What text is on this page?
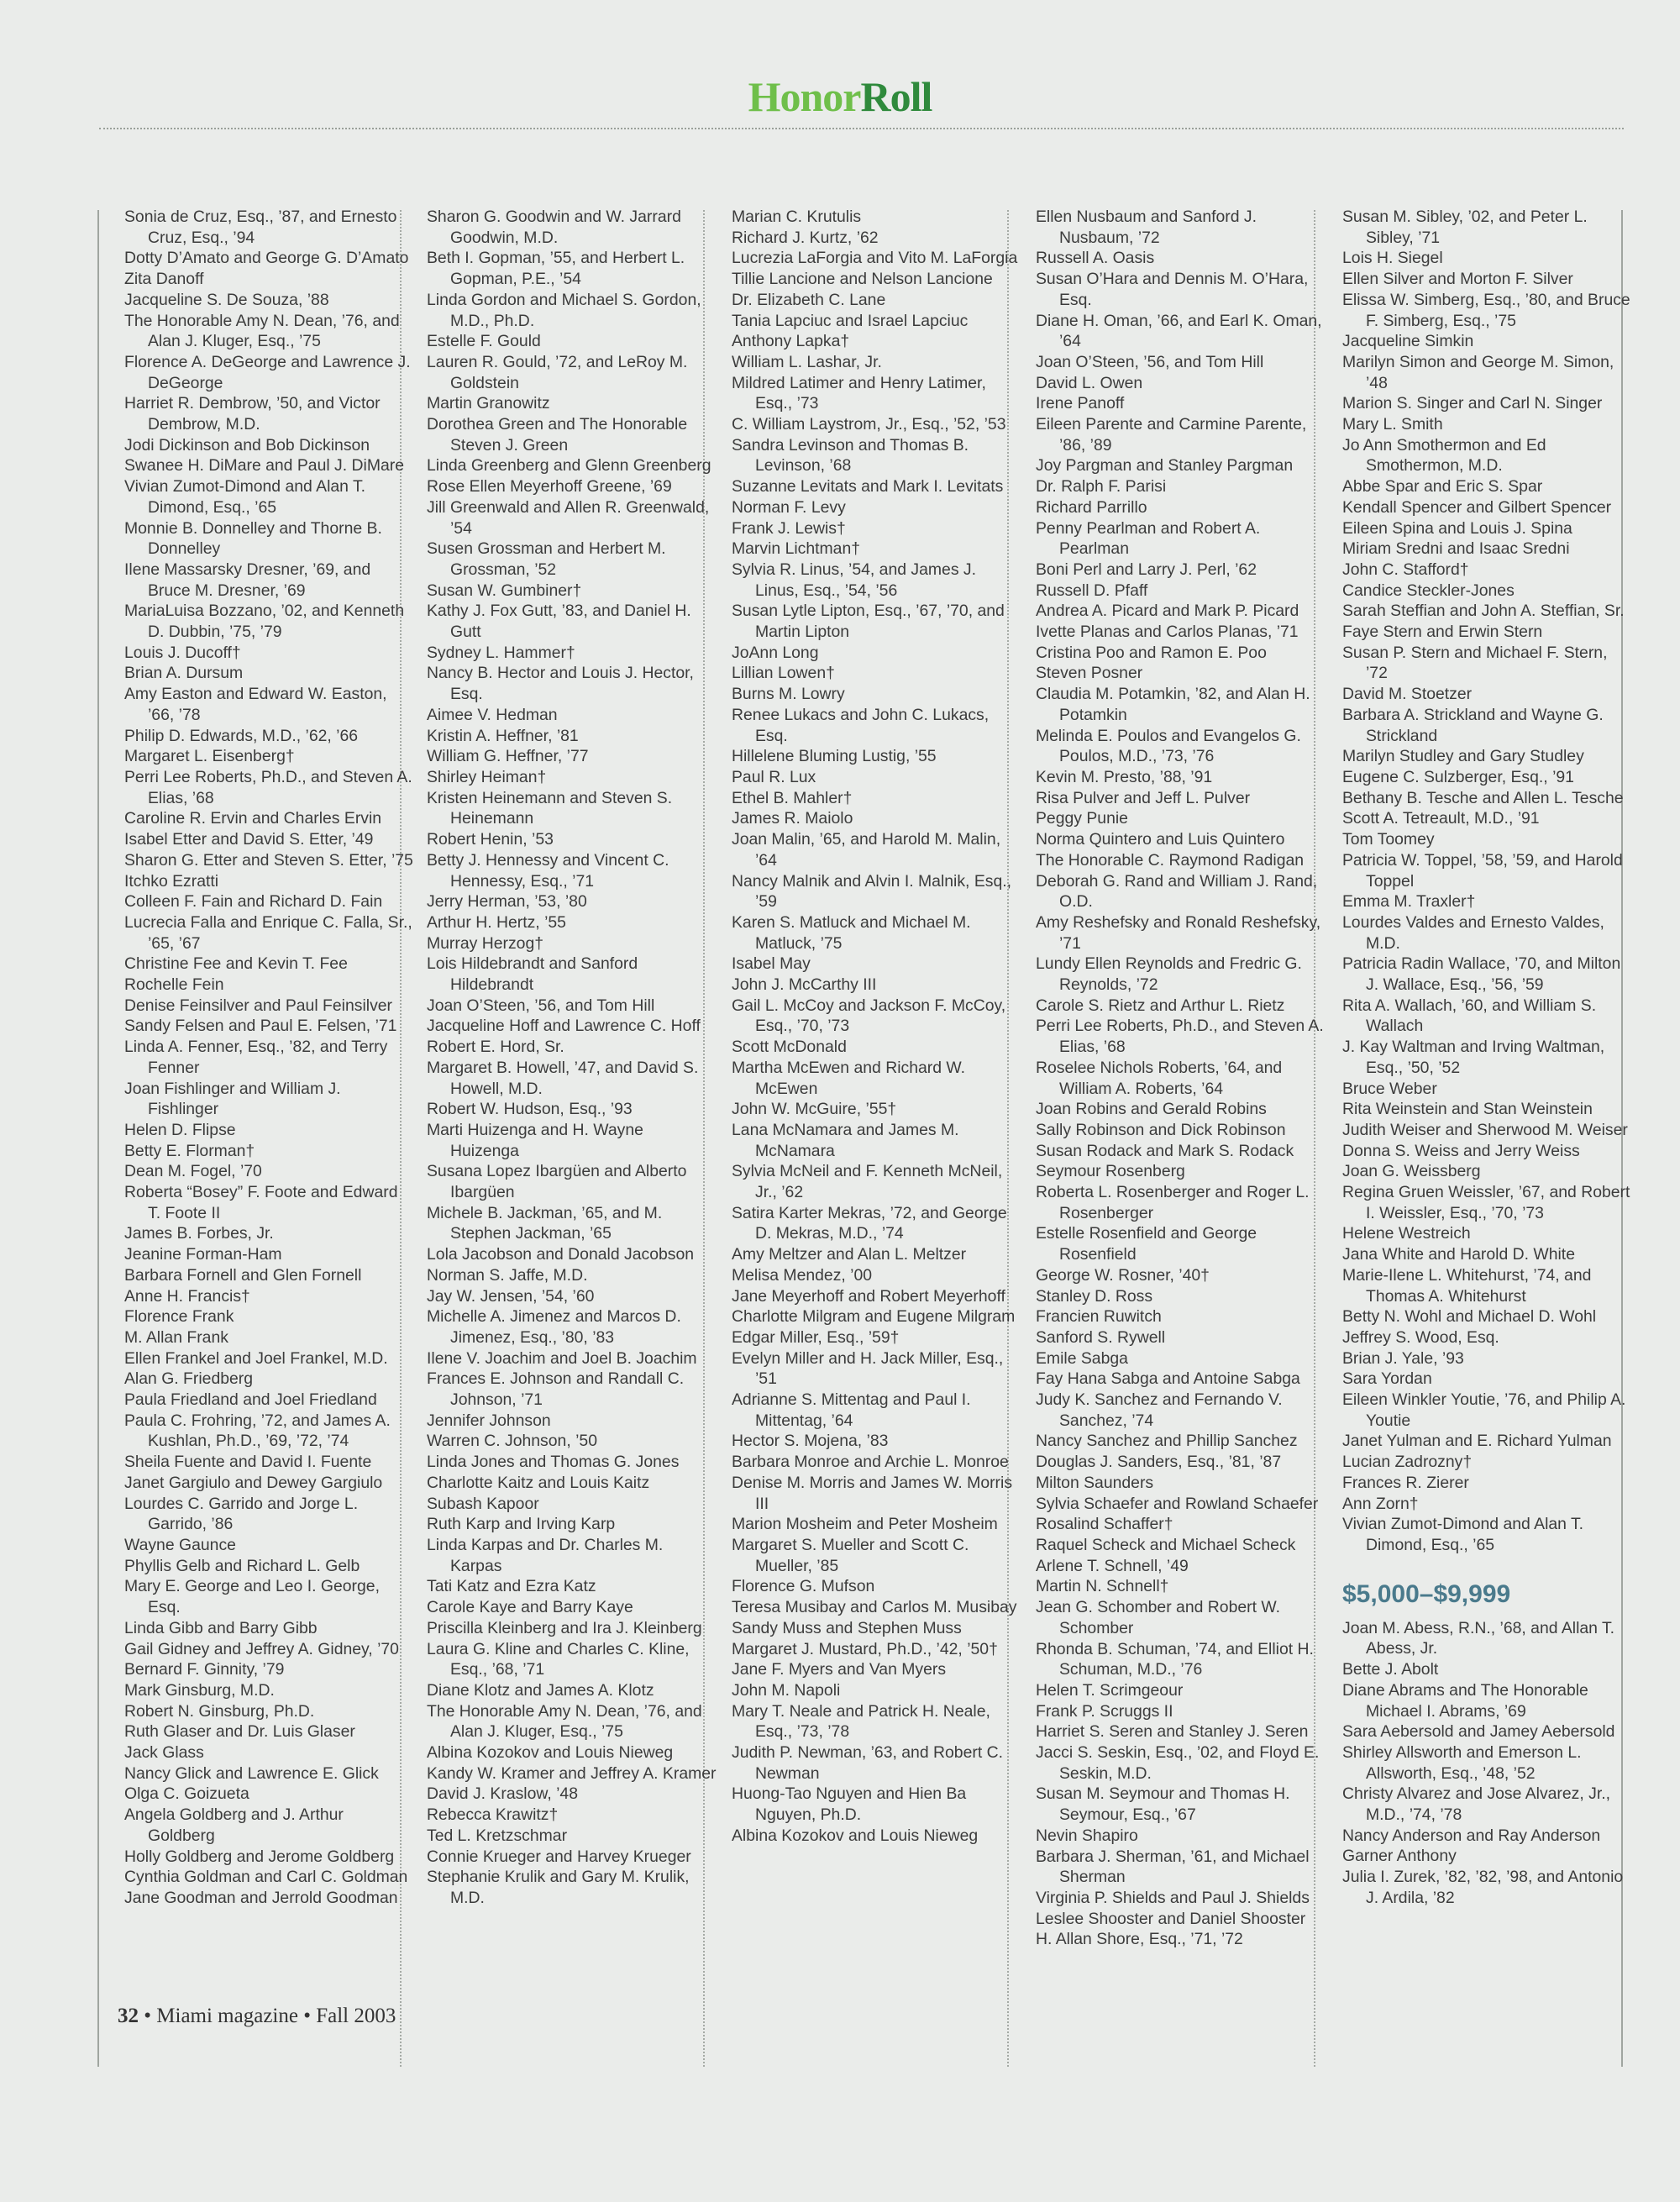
HonorRoll

Sonia de Cruz, Esq., ’87, and Ernesto Cruz, Esq., ’94

Dotty D’Amato and George G. D’Amato

Zita Danoff

Jacqueline S. De Souza, ’88

The Honorable Amy N. Dean, ’76, and Alan J. Kluger, Esq., ’75

Florence A. DeGeorge and Lawrence J. DeGeorge

Harriet R. Dembrow, ’50, and Victor Dembrow, M.D.

Jodi Dickinson and Bob Dickinson

Swanee H. DiMare and Paul J. DiMare

Vivian Zumot-Dimond and Alan T. Dimond, Esq., ’65

Monnie B. Donnelley and Thorne B. Donnelley

Ilene Massarsky Dresner, ’69, and Bruce M. Dresner, ’69

MariaLuisa Bozzano, ’02, and Kenneth D. Dubbin, ’75, ’79

Louis J. Ducoff†

Brian A. Dursum

Amy Easton and Edward W. Easton, ’66, ’78

Philip D. Edwards, M.D., ’62, ’66

Margaret L. Eisenberg†

Perri Lee Roberts, Ph.D., and Steven A. Elias, ’68

Caroline R. Ervin and Charles Ervin

Isabel Etter and David S. Etter, ’49

Sharon G. Etter and Steven S. Etter, ’75

Itchko Ezratti

Colleen F. Fain and Richard D. Fain

Lucrecia Falla and Enrique C. Falla, Sr., ’65, ’67

Christine Fee and Kevin T. Fee

Rochelle Fein

Denise Feinsilver and Paul Feinsilver

Sandy Felsen and Paul E. Felsen, ’71

Linda A. Fenner, Esq., ’82, and Terry Fenner

Joan Fishlinger and William J. Fishlinger

Helen D. Flipse

Betty E. Florman†

Dean M. Fogel, ’70

Roberta “Bosey” F. Foote and Edward T. Foote II

James B. Forbes, Jr.

Jeanine Forman-Ham

Barbara Fornell and Glen Fornell

Anne H. Francis†

Florence Frank

M. Allan Frank

Ellen Frankel and Joel Frankel, M.D.

Alan G. Friedberg

Paula Friedland and Joel Friedland

Paula C. Frohring, ’72, and James A. Kushlan, Ph.D., ’69, ’72, ’74

Sheila Fuente and David I. Fuente

Janet Gargiulo and Dewey Gargiulo

Lourdes C. Garrido and Jorge L. Garrido, ’86

Wayne Gaunce

Phyllis Gelb and Richard L. Gelb

Mary E. George and Leo I. George, Esq.

Linda Gibb and Barry Gibb

Gail Gidney and Jeffrey A. Gidney, ’70

Bernard F. Ginnity, ’79

Mark Ginsburg, M.D.

Robert N. Ginsburg, Ph.D.

Ruth Glaser and Dr. Luis Glaser

Jack Glass

Nancy Glick and Lawrence E. Glick

Olga C. Goizueta

Angela Goldberg and J. Arthur Goldberg

Holly Goldberg and Jerome Goldberg

Cynthia Goldman and Carl C. Goldman

Jane Goodman and Jerrold Goodman

Sharon G. Goodwin and W. Jarrard Goodwin, M.D.

Beth I. Gopman, ’55, and Herbert L. Gopman, P.E., ’54

Linda Gordon and Michael S. Gordon, M.D., Ph.D.

Estelle F. Gould

Lauren R. Gould, ’72, and LeRoy M. Goldstein

Martin Granowitz

Dorothea Green and The Honorable Steven J. Green

Linda Greenberg and Glenn Greenberg

Rose Ellen Meyerhoff Greene, ’69

Jill Greenwald and Allen R. Greenwald, ’54

Susen Grossman and Herbert M. Grossman, ’52

Susan W. Gumbiner†

Kathy J. Fox Gutt, ’83, and Daniel H. Gutt

Sydney L. Hammer†

Nancy B. Hector and Louis J. Hector, Esq.

Aimee V. Hedman

Kristin A. Heffner, ’81

William G. Heffner, ’77

Shirley Heiman†

Kristen Heinemann and Steven S. Heinemann

Robert Henin, ’53

Betty J. Hennessy and Vincent C. Hennessy, Esq., ’71

Jerry Herman, ’53, ’80

Arthur H. Hertz, ’55

Murray Herzog†

Lois Hildebrandt and Sanford Hildebrandt

Joan O’Steen, ’56, and Tom Hill

Jacqueline Hoff and Lawrence C. Hoff

Robert E. Hord, Sr.

Margaret B. Howell, ’47, and David S. Howell, M.D.

Robert W. Hudson, Esq., ’93

Marti Huizenga and H. Wayne Huizenga

Susana Lopez Ibargüen and Alberto Ibargüen

Michele B. Jackman, ’65, and M. Stephen Jackman, ’65

Lola Jacobson and Donald Jacobson

Norman S. Jaffe, M.D.

Jay W. Jensen, ’54, ’60

Michelle A. Jimenez and Marcos D. Jimenez, Esq., ’80, ’83

Ilene V. Joachim and Joel B. Joachim

Frances E. Johnson and Randall C. Johnson, ’71

Jennifer Johnson

Warren C. Johnson, ’50

Linda Jones and Thomas G. Jones

Charlotte Kaitz and Louis Kaitz

Subash Kapoor

Ruth Karp and Irving Karp

Linda Karpas and Dr. Charles M. Karpas

Tati Katz and Ezra Katz

Carole Kaye and Barry Kaye

Priscilla Kleinberg and Ira J. Kleinberg

Laura G. Kline and Charles C. Kline, Esq., ’68, ’71

Diane Klotz and James A. Klotz

The Honorable Amy N. Dean, ’76, and Alan J. Kluger, Esq., ’75

Albina Kozokov and Louis Nieweg

Kandy W. Kramer and Jeffrey A. Kramer

David J. Kraslow, ’48

Rebecca Krawitz†

Ted L. Kretzschmar

Connie Krueger and Harvey Krueger

Stephanie Krulik and Gary M. Krulik, M.D.

Marian C. Krutulis

Richard J. Kurtz, ’62

Lucrezia LaForgia and Vito M. LaForgia

Tillie Lancione and Nelson Lancione

Dr. Elizabeth C. Lane

Tania Lapciuc and Israel Lapciuc

Anthony Lapka†

William L. Lashar, Jr.

Mildred Latimer and Henry Latimer, Esq., ’73

C. William Laystrom, Jr., Esq., ’52, ’53

Sandra Levinson and Thomas B. Levinson, ’68

Suzanne Levitats and Mark I. Levitats

Norman F. Levy

Frank J. Lewis†

Marvin Lichtman†

Sylvia R. Linus, ’54, and James J. Linus, Esq., ’54, ’56

Susan Lytle Lipton, Esq., ’67, ’70, and Martin Lipton

JoAnn Long

Lillian Lowen†

Burns M. Lowry

Renee Lukacs and John C. Lukacs, Esq.

Hillelene Bluming Lustig, ’55

Paul R. Lux

Ethel B. Mahler†

James R. Maiolo

Joan Malin, ’65, and Harold M. Malin, ’64

Nancy Malnik and Alvin I. Malnik, Esq., ’59

Karen S. Matluck and Michael M. Matluck, ’75

Isabel May

John J. McCarthy III

Gail L. McCoy and Jackson F. McCoy, Esq., ’70, ’73

Scott McDonald

Martha McEwen and Richard W. McEwen

John W. McGuire, ’55†

Lana McNamara and James M. McNamara

Sylvia McNeil and F. Kenneth McNeil, Jr., ’62

Satira Karter Mekras, ’72, and George D. Mekras, M.D., ’74

Amy Meltzer and Alan L. Meltzer

Melisa Mendez, ’00

Jane Meyerhoff and Robert Meyerhoff

Charlotte Milgram and Eugene Milgram

Edgar Miller, Esq., ’59†

Evelyn Miller and H. Jack Miller, Esq., ’51

Adrianne S. Mittentag and Paul I. Mittentag, ’64

Hector S. Mojena, ’83

Barbara Monroe and Archie L. Monroe

Denise M. Morris and James W. Morris III

Marion Mosheim and Peter Mosheim

Margaret S. Mueller and Scott C. Mueller, ’85

Florence G. Mufson

Teresa Musibay and Carlos M. Musibay

Sandy Muss and Stephen Muss

Margaret J. Mustard, Ph.D., ’42, ’50†

Jane F. Myers and Van Myers

John M. Napoli

Mary T. Neale and Patrick H. Neale, Esq., ’73, ’78

Judith P. Newman, ’63, and Robert C. Newman

Huong-Tao Nguyen and Hien Ba Nguyen, Ph.D.

Albina Kozokov and Louis Nieweg

Ellen Nusbaum and Sanford J. Nusbaum, ’72

Russell A. Oasis

Susan O’Hara and Dennis M. O’Hara, Esq.

Diane H. Oman, ’66, and Earl K. Oman, ’64

Joan O’Steen, ’56, and Tom Hill

David L. Owen

Irene Panoff

Eileen Parente and Carmine Parente, ’86, ’89

Joy Pargman and Stanley Pargman

Dr. Ralph F. Parisi

Richard Parrillo

Penny Pearlman and Robert A. Pearlman

Boni Perl and Larry J. Perl, ’62

Russell D. Pfaff

Andrea A. Picard and Mark P. Picard

Ivette Planas and Carlos Planas, ’71

Cristina Poo and Ramon E. Poo

Steven Posner

Claudia M. Potamkin, ’82, and Alan H. Potamkin

Melinda E. Poulos and Evangelos G. Poulos, M.D., ’73, ’76

Kevin M. Presto, ’88, ’91

Risa Pulver and Jeff L. Pulver

Peggy Punie

Norma Quintero and Luis Quintero

The Honorable C. Raymond Radigan

Deborah G. Rand and William J. Rand, O.D.

Amy Reshefsky and Ronald Reshefsky, ’71

Lundy Ellen Reynolds and Fredric G. Reynolds, ’72

Carole S. Rietz and Arthur L. Rietz

Perri Lee Roberts, Ph.D., and Steven A. Elias, ’68

Roselee Nichols Roberts, ’64, and William A. Roberts, ’64

Joan Robins and Gerald Robins

Sally Robinson and Dick Robinson

Susan Rodack and Mark S. Rodack

Seymour Rosenberg

Roberta L. Rosenberger and Roger L. Rosenberger

Estelle Rosenfield and George Rosenfield

George W. Rosner, ’40†

Stanley D. Ross

Francien Ruwitch

Sanford S. Rywell

Emile Sabga

Fay Hana Sabga and Antoine Sabga

Judy K. Sanchez and Fernando V. Sanchez, ’74

Nancy Sanchez and Phillip Sanchez

Douglas J. Sanders, Esq., ’81, ’87

Milton Saunders

Sylvia Schaefer and Rowland Schaefer

Rosalind Schaffer†

Raquel Scheck and Michael Scheck

Arlene T. Schnell, ’49

Martin N. Schnell†

Jean G. Schomber and Robert W. Schomber

Rhonda B. Schuman, ’74, and Elliot H. Schuman, M.D., ’76

Helen T. Scrimgeour

Frank P. Scruggs II

Harriet S. Seren and Stanley J. Seren

Jacci S. Seskin, Esq., ’02, and Floyd E. Seskin, M.D.

Susan M. Seymour and Thomas H. Seymour, Esq., ’67

Nevin Shapiro

Barbara J. Sherman, ’61, and Michael Sherman

Virginia P. Shields and Paul J. Shields

Leslee Shooster and Daniel Shooster

H. Allan Shore, Esq., ’71, ’72

Susan M. Sibley, ’02, and Peter L. Sibley, ’71

Lois H. Siegel

Ellen Silver and Morton F. Silver

Elissa W. Simberg, Esq., ’80, and Bruce F. Simberg, Esq., ’75

Jacqueline Simkin

Marilyn Simon and George M. Simon, ’48

Marion S. Singer and Carl N. Singer

Mary L. Smith

Jo Ann Smothermon and Ed Smothermon, M.D.

Abbe Spar and Eric S. Spar

Kendall Spencer and Gilbert Spencer

Eileen Spina and Louis J. Spina

Miriam Sredni and Isaac Sredni

John C. Stafford†

Candice Steckler-Jones

Sarah Steffian and John A. Steffian, Sr.

Faye Stern and Erwin Stern

Susan P. Stern and Michael F. Stern, ’72

David M. Stoetzer

Barbara A. Strickland and Wayne G. Strickland

Marilyn Studley and Gary Studley

Eugene C. Sulzberger, Esq., ’91

Bethany B. Tesche and Allen L. Tesche

Scott A. Tetreault, M.D., ’91

Tom Toomey

Patricia W. Toppel, ’58, ’59, and Harold Toppel

Emma M. Traxler†

Lourdes Valdes and Ernesto Valdes, M.D.

Patricia Radin Wallace, ’70, and Milton J. Wallace, Esq., ’56, ’59

Rita A. Wallach, ’60, and William S. Wallach

J. Kay Waltman and Irving Waltman, Esq., ’50, ’52

Bruce Weber

Rita Weinstein and Stan Weinstein

Judith Weiser and Sherwood M. Weiser

Donna S. Weiss and Jerry Weiss

Joan G. Weissberg

Regina Gruen Weissler, ’67, and Robert I. Weissler, Esq., ’70, ’73

Helene Westreich

Jana White and Harold D. White

Marie-Ilene L. Whitehurst, ’74, and Thomas A. Whitehurst

Betty N. Wohl and Michael D. Wohl

Jeffrey S. Wood, Esq.

Brian J. Yale, ’93

Sara Yordan

Eileen Winkler Youtie, ’76, and Philip A. Youtie

Janet Yulman and E. Richard Yulman

Lucian Zadrozny†

Frances R. Zierer

Ann Zorn†

Vivian Zumot-Dimond and Alan T. Dimond, Esq., ’65

$5,000–$9,999

Joan M. Abess, R.N., ’68, and Allan T. Abess, Jr.

Bette J. Abolt

Diane Abrams and The Honorable Michael I. Abrams, ’69

Sara Aebersold and Jamey Aebersold

Shirley Allsworth and Emerson L. Allsworth, Esq., ’48, ’52

Christy Alvarez and Jose Alvarez, Jr., M.D., ’74, ’78

Nancy Anderson and Ray Anderson

Garner Anthony

Julia I. Zurek, ’82, ’82, ’98, and Antonio J. Ardila, ’82

32 • Miami magazine • Fall 2003
